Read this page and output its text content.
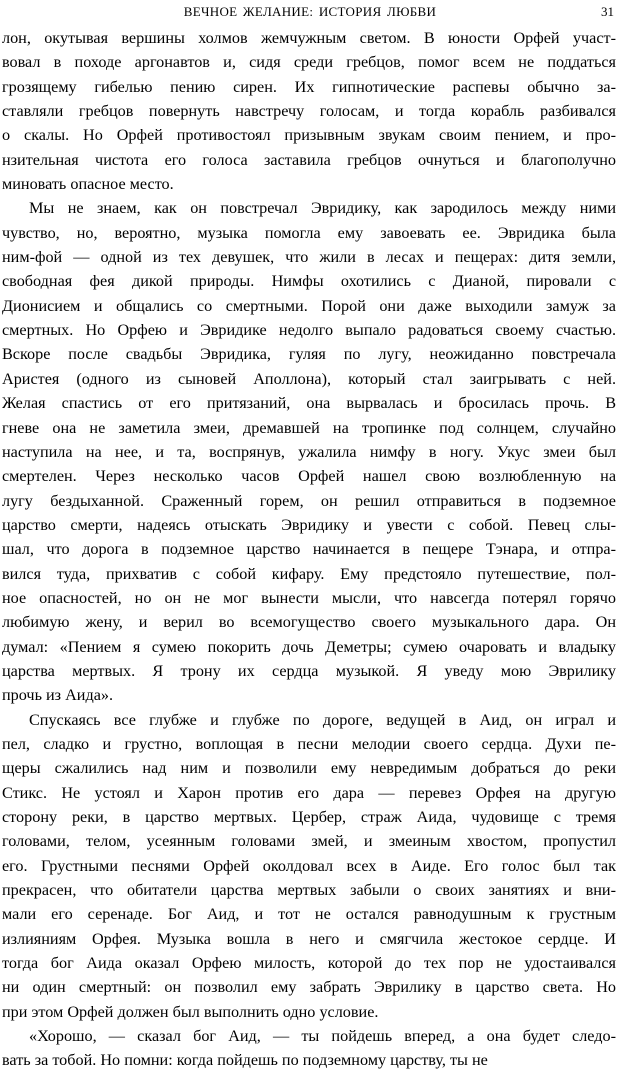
ВЕЧНОЕ ЖЕЛАНИЕ: ИСТОРИЯ ЛЮБВИ	31
лон, окутывая вершины холмов жемчужным светом. В юности Орфей участ-
вовал в походе аргонавтов и, сидя среди гребцов, помог всем не поддаться
грозящему гибелью пению сирен. Их гипнотические распевы обычно за-
ставляли гребцов повернуть навстречу голосам, и тогда корабль разбивался
о скалы. Но Орфей противостоял призывным звукам своим пением, и про-
нзительная чистота его голоса заставила гребцов очнуться и благополучно
миновать опасное место.
Мы не знаем, как он повстречал Эвридику, как зародилось между ними
чувство, но, вероятно, музыка помогла ему завоевать ее. Эвридика была
ним-фой — одной из тех девушек, что жили в лесах и пещерах: дитя земли,
свободная фея дикой природы. Нимфы охотились с Дианой, пировали с
Дионисием и общались со смертными. Порой они даже выходили замуж за
смертных. Но Орфею и Эвридике недолго выпало радоваться своему счастью.
Вскоре после свадьбы Эвридика, гуляя по лугу, неожиданно повстречала
Аристея (одного из сыновей Аполлона), который стал заигрывать с ней.
Желая спастись от его притязаний, она вырвалась и бросилась прочь. В
гневе она не заметила змеи, дремавшей на тропинке под солнцем, случайно
наступила на нее, и та, воспрянув, ужалила нимфу в ногу. Укус змеи был
смертелен. Через несколько часов Орфей нашел свою возлюбленную на
лугу бездыханной. Сраженный горем, он решил отправиться в подземное
царство смерти, надеясь отыскать Эвридику и увести с собой. Певец слы-
шал, что дорога в подземное царство начинается в пещере Тэнара, и отпра-
вился туда, прихватив с собой кифару. Ему предстояло путешествие, пол-
ное опасностей, но он не мог вынести мысли, что навсегда потерял горячо
любимую жену, и верил во всемогущество своего музыкального дара. Он
думал: «Пением я сумею покорить дочь Деметры; сумею очаровать и владыку
царства мертвых. Я трону их сердца музыкой. Я уведу мою Эврилику
прочь из Аида».
Спускаясь все глубже и глубже по дороге, ведущей в Аид, он играл и
пел, сладко и грустно, воплощая в песни мелодии своего сердца. Духи пе-
щеры сжалились над ним и позволили ему невредимым добраться до реки
Стикс. Не устоял и Харон против его дара — перевез Орфея на другую
сторону реки, в царство мертвых. Цербер, страж Аида, чудовище с тремя
головами, телом, усеянным головами змей, и змеиным хвостом, пропустил
его. Грустными песнями Орфей околдовал всех в Аиде. Его голос был так
прекрасен, что обитатели царства мертвых забыли о своих занятиях и вни-
мали его серенаде. Бог Аид, и тот не остался равнодушным к грустным
излияниям Орфея. Музыка вошла в него и смягчила жестокое сердце. И
тогда бог Аида оказал Орфею милость, которой до тех пор не удостаивался
ни один смертный: он позволил ему забрать Эврилику в царство света. Но
при этом Орфей должен был выполнить одно условие.
«Хорошо, — сказал бог Аид, — ты пойдешь вперед, а она будет следо-
вать за тобой. Но помни: когда пойдешь по подземному царству, ты не
